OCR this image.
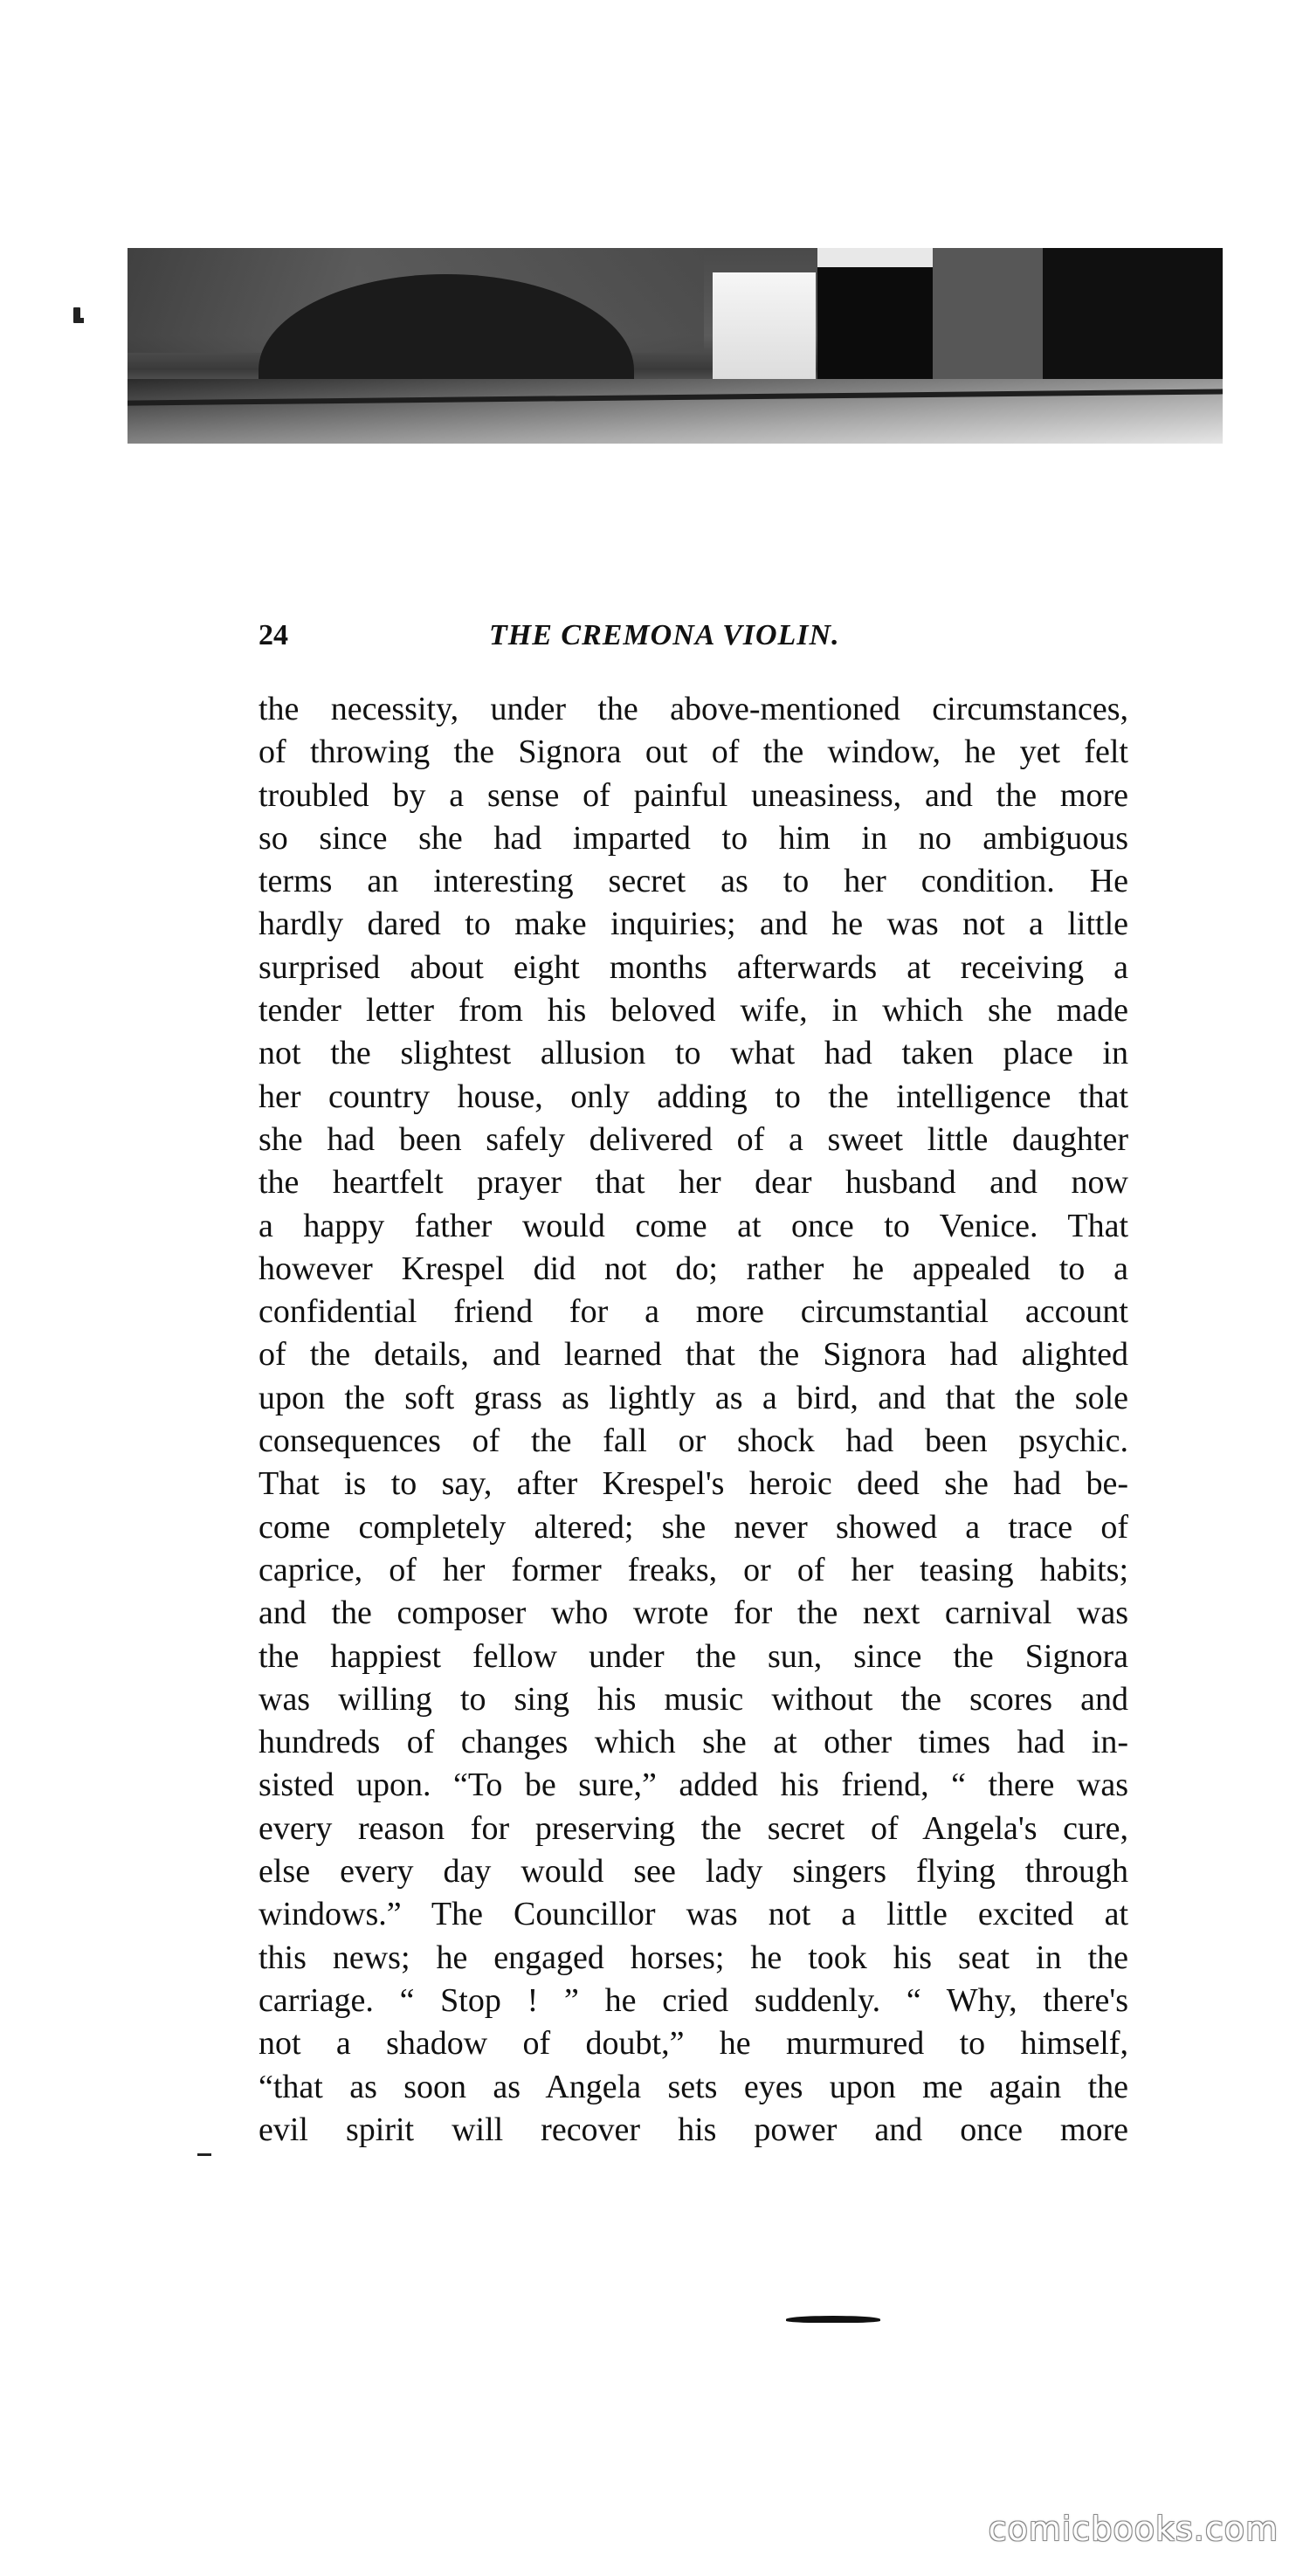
24	THE CREMONA VIOLIN.
the necessity, under the above-mentioned circumstances,
of throwing the Signora out of the window, he yet felt
troubled by a sense of painful uneasiness, and the more
so since she had imparted to him in no ambiguous
terms an interesting secret as to her condition. He
hardly dared to make inquiries; and he was not a little
surprised about eight months afterwards at receiving a
tender letter from his beloved wife, in which she made
not the slightest allusion to what had taken place in
her country house, only adding to the intelligence that
she had been safely delivered of a sweet little daughter
the heartfelt prayer that her dear husband and now
a happy father would come at once to Venice. That
however Krespel did not do; rather he appealed to a
confidential friend for a more circumstantial account
of the details, and learned that the Signora had alighted
upon the soft grass as lightly as a bird, and that the sole
consequences of the fall or shock had been psychic.
That is to say, after Krespel's heroic deed she had be-
come completely altered; she never showed a trace of
caprice, of her former freaks, or of her teasing habits;
and the composer who wrote for the next carnival was
the happiest fellow under the sun, since the Signora
was willing to sing his music without the scores and
hundreds of changes which she at other times had in-
sisted upon. “To be sure,” added his friend, “ there was
every reason for preserving the secret of Angela's cure,
else every day would see lady singers flying through
windows.” The Councillor was not a little excited at
this news; he engaged horses; he took his seat in the
carriage. “ Stop ! ” he cried suddenly. “ Why, there's
not a shadow of doubt,” he murmured to himself,
“that as soon as Angela sets eyes upon me again the
evil spirit will recover his power and once more
comicbooks.com
